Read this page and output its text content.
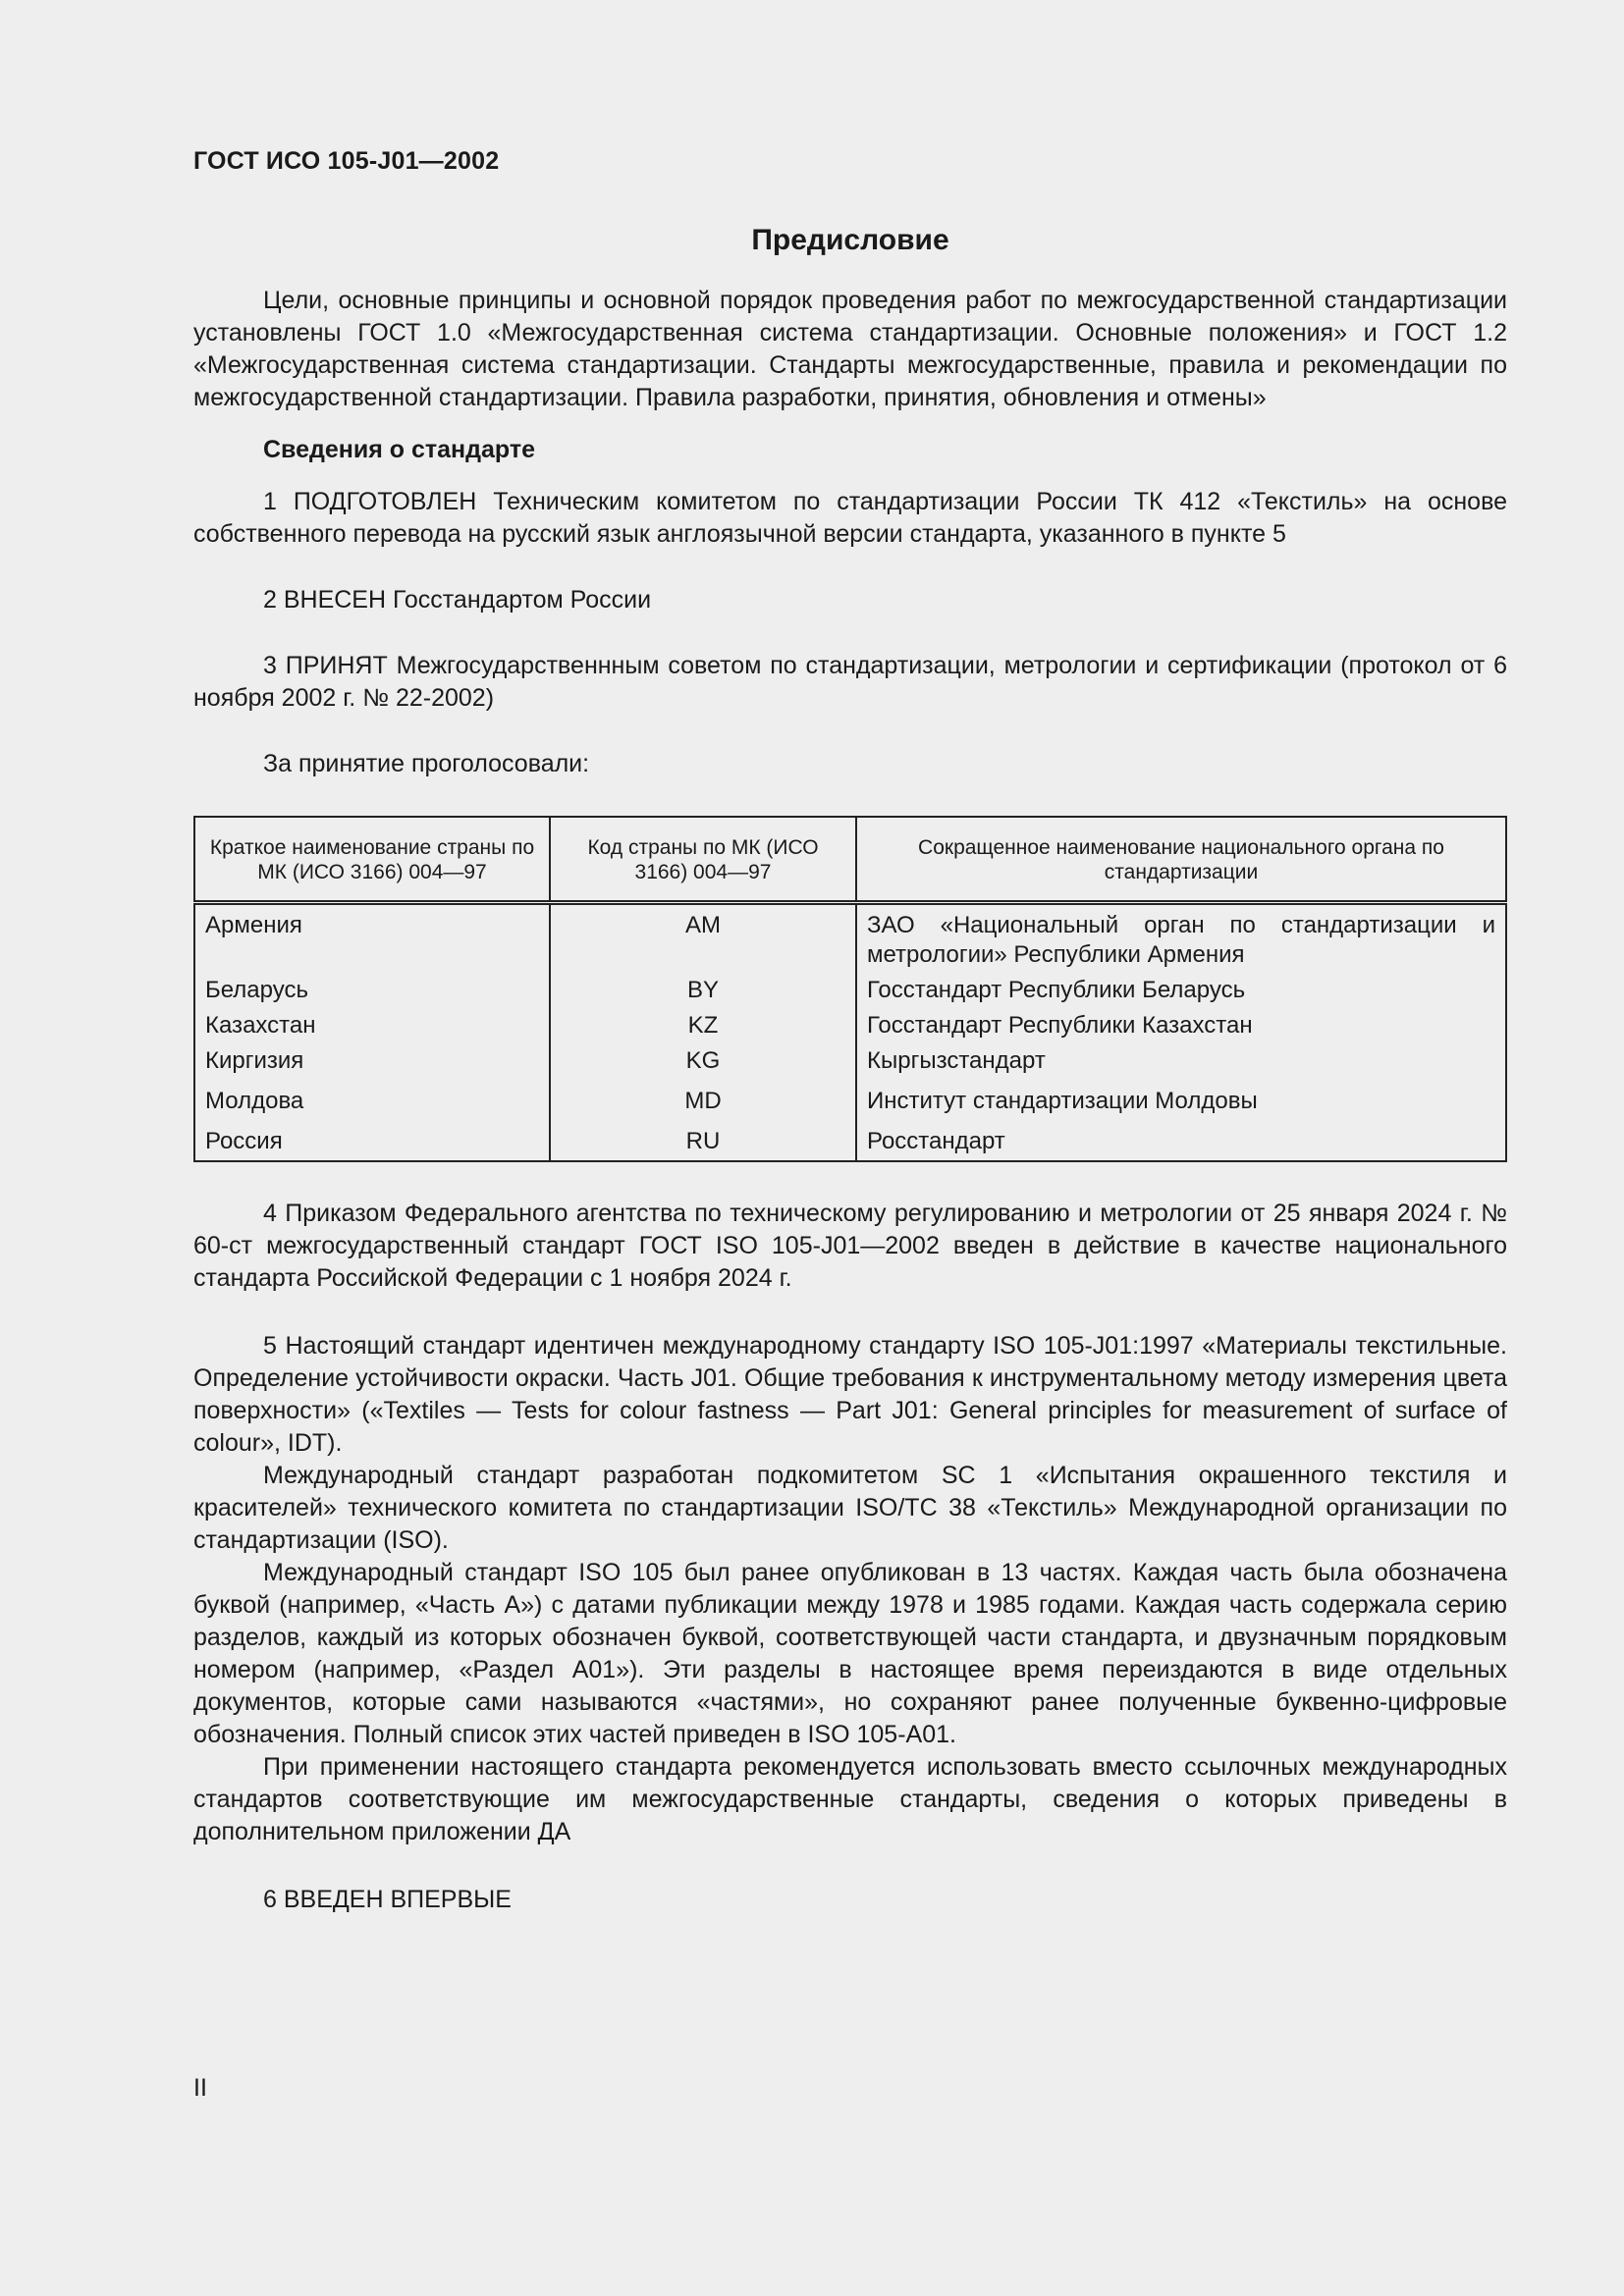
ГОСТ ИСО 105-J01—2002
Предисловие

Цели, основные принципы и основной порядок проведения работ по межгосударственной стандартизации установлены ГОСТ 1.0 «Межгосударственная система стандартизации. Основные положения» и ГОСТ 1.2 «Межгосударственная система стандартизации. Стандарты межгосударственные, правила и рекомендации по межгосударственной стандартизации. Правила разработки, принятия, обновления и отмены»

Сведения о стандарте

1 ПОДГОТОВЛЕН Техническим комитетом по стандартизации России ТК 412 «Текстиль» на основе собственного перевода на русский язык англоязычной версии стандарта, указанного в пункте 5

2 ВНЕСЕН Госстандартом России

3 ПРИНЯТ Межгосударственнным советом по стандартизации, метрологии и сертификации (протокол от 6 ноября 2002 г. № 22-2002)

За принятие проголосовали:

Краткое наименование страны по МК (ИСО 3166) 004—97	Код страны по МК (ИСО 3166) 004—97	Сокращенное наименование национального органа по стандартизации
Армения	AM	ЗАО «Национальный орган по стандартизации и метрологии» Республики Армения
Беларусь	BY	Госстандарт Республики Беларусь
Казахстан	KZ	Госстандарт Республики Казахстан
Киргизия	KG	Кыргызстандарт
Молдова	MD	Институт стандартизации Молдовы
Россия	RU	Росстандарт

4 Приказом Федерального агентства по техническому регулированию и метрологии от 25 января 2024 г. № 60-ст межгосударственный стандарт ГОСТ ISO 105-J01—2002 введен в действие в качестве национального стандарта Российской Федерации с 1 ноября 2024 г.

5 Настоящий стандарт идентичен международному стандарту ISO 105-J01:1997 «Материалы текстильные. Определение устойчивости окраски. Часть J01. Общие требования к инструментальному методу измерения цвета поверхности» («Textiles — Tests for colour fastness — Part J01: General principles for measurement of surface of colour», IDT).

Международный стандарт разработан подкомитетом SC 1 «Испытания окрашенного текстиля и красителей» технического комитета по стандартизации ISO/TC 38 «Текстиль» Международной организации по стандартизации (ISO).

Международный стандарт ISO 105 был ранее опубликован в 13 частях. Каждая часть была обозначена буквой (например, «Часть А») с датами публикации между 1978 и 1985 годами. Каждая часть содержала серию разделов, каждый из которых обозначен буквой, соответствующей части стандарта, и двузначным порядковым номером (например, «Раздел А01»). Эти разделы в настоящее время переиздаются в виде отдельных документов, которые сами называются «частями», но сохраняют ранее полученные буквенно-цифровые обозначения. Полный список этих частей приведен в ISO 105-A01.

При применении настоящего стандарта рекомендуется использовать вместо ссылочных международных стандартов соответствующие им межгосударственные стандарты, сведения о которых приведены в дополнительном приложении ДА

6 ВВЕДЕН ВПЕРВЫЕ

II
